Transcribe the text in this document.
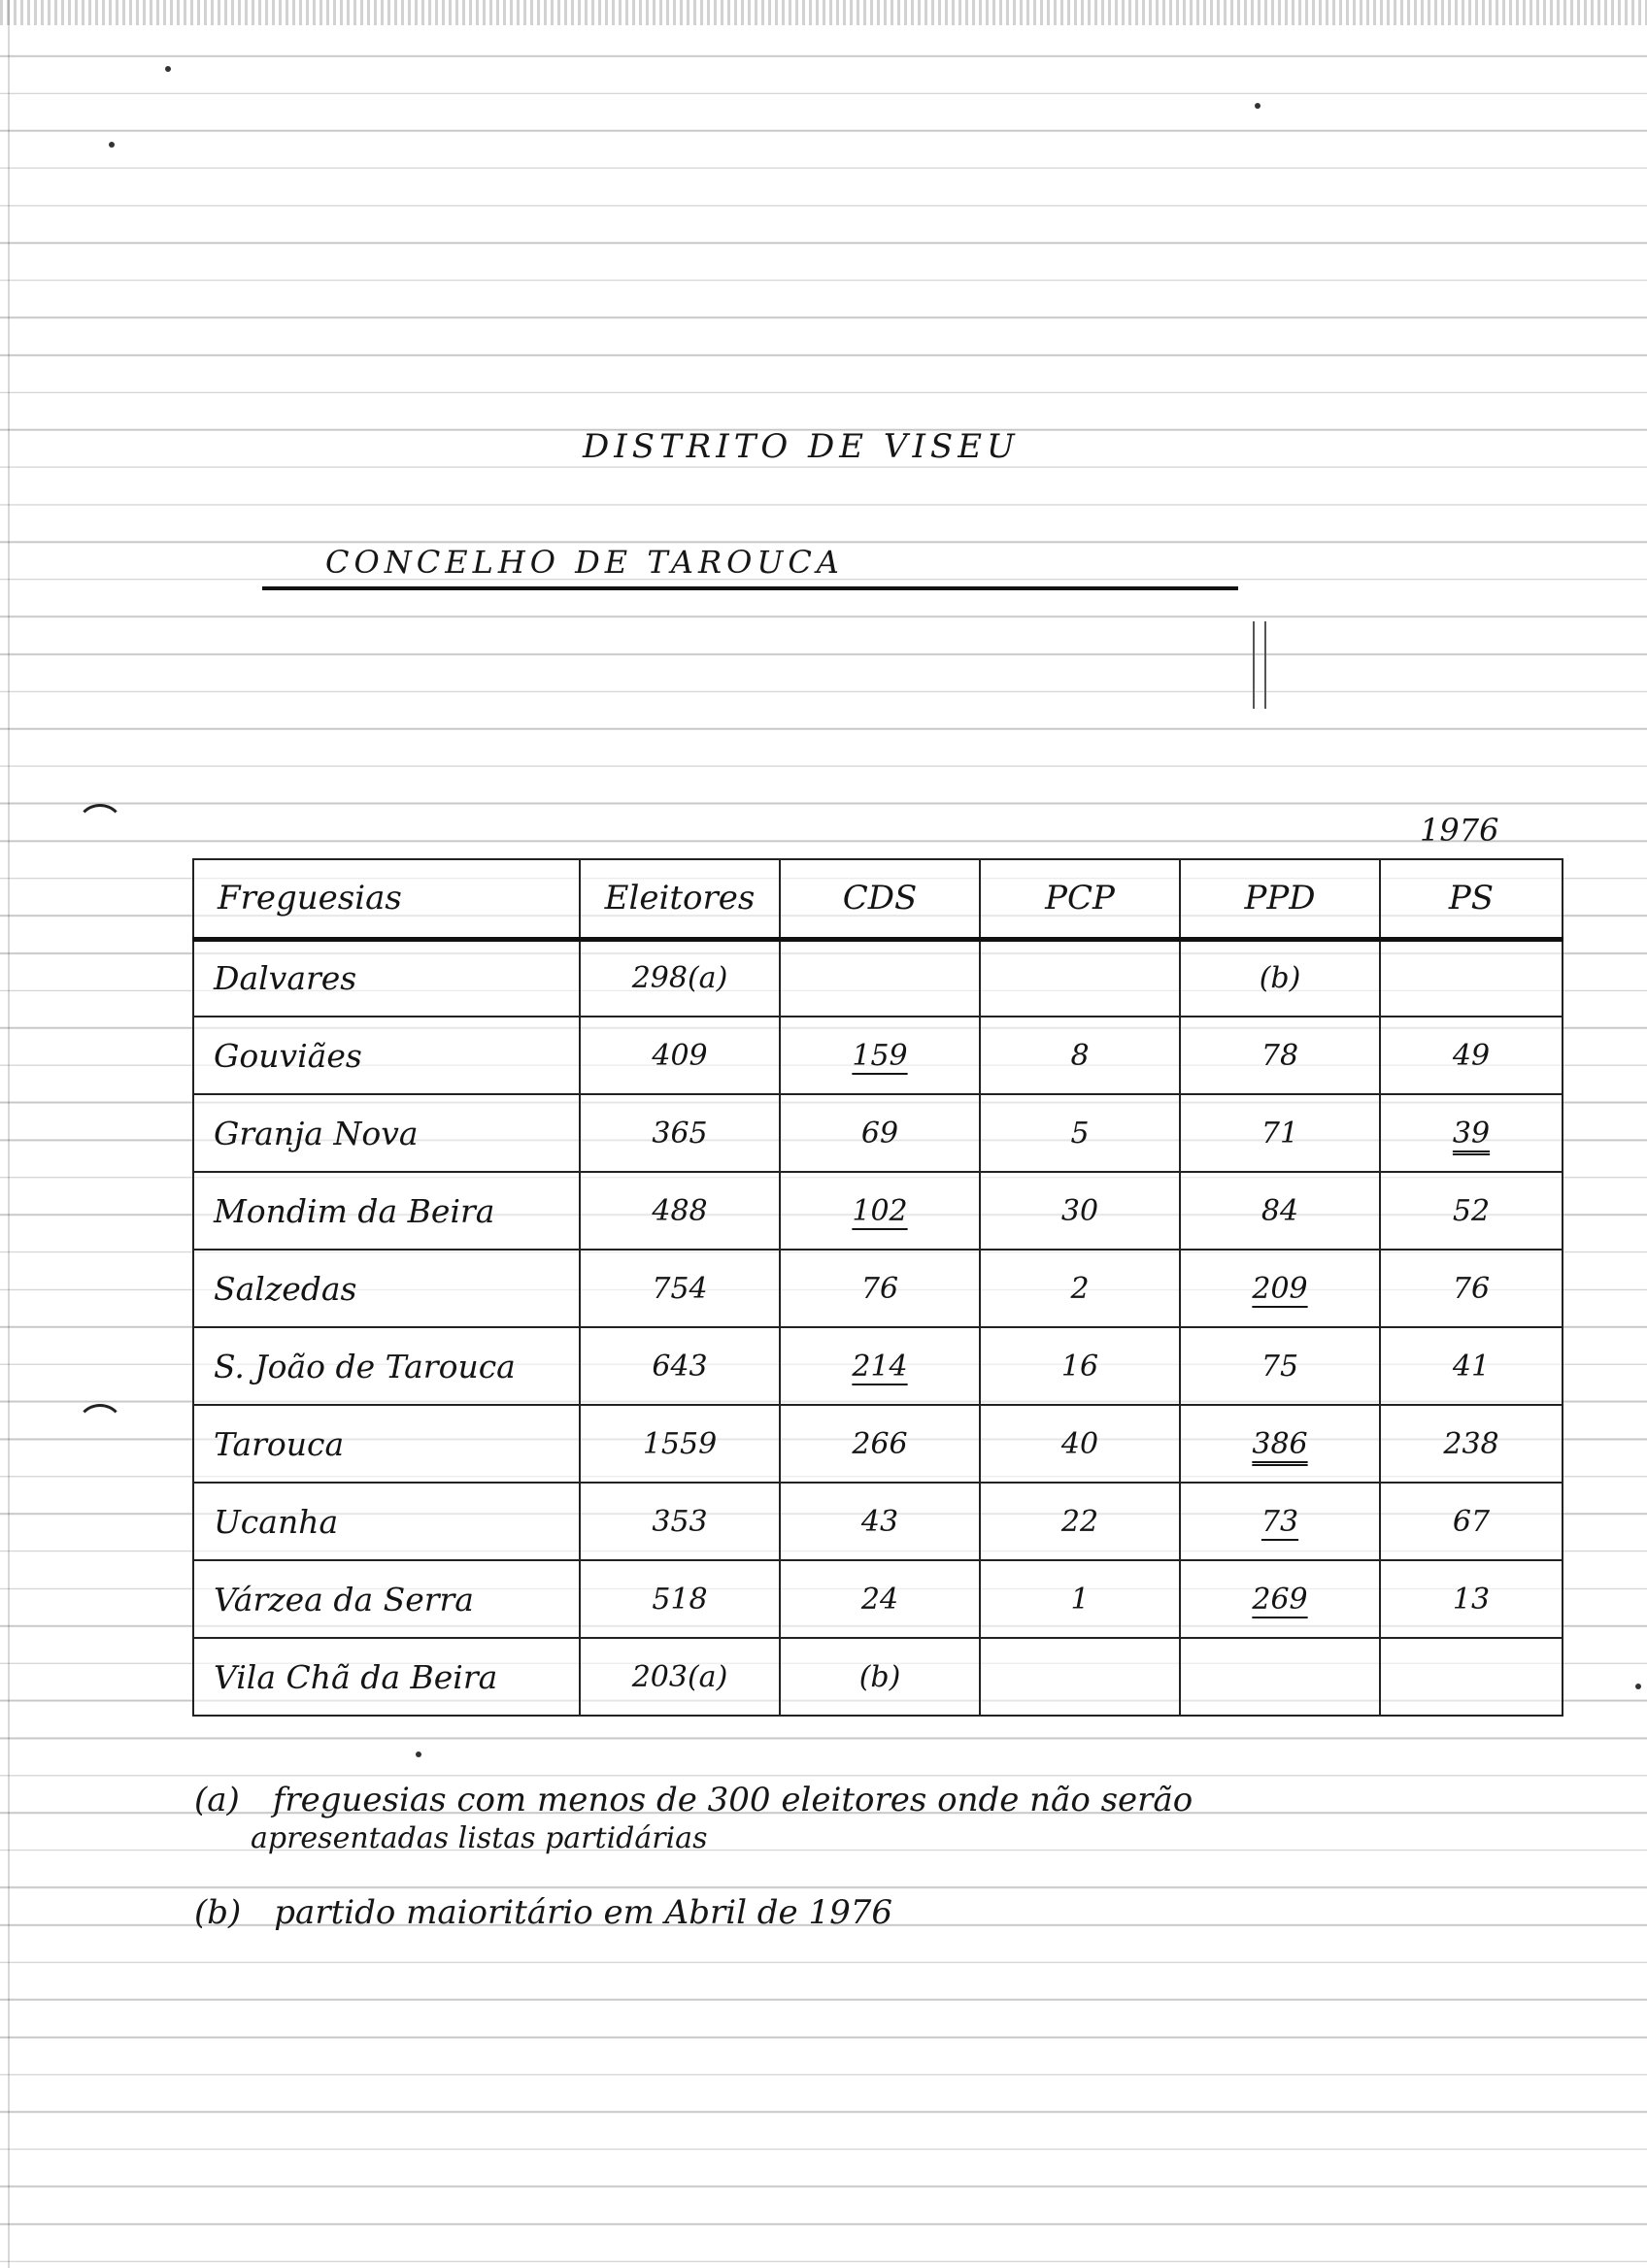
DISTRITO DE VISEU
CONCELHO DE TAROUCA
1976
Freguesias	Eleitores	CDS	PCP	PPD	PS
Dalvares	298(a)			(b)	
Gouviães	409	159	8	78	49
Granja Nova	365	69	5	71	39
Mondim da Beira	488	102	30	84	52
Salzedas	754	76	2	209	76
S. João de Tarouca	643	214	16	75	41
Tarouca	1559	266	40	386	238
Ucanha	353	43	22	73	67
Várzea da Serra	518	24	1	269	13
Vila Chã da Beira	203(a)	(b)			

(a) freguesias com menos de 300 eleitores onde não serão

apresentadas listas partidárias

(b) partido maioritário em Abril de 1976
